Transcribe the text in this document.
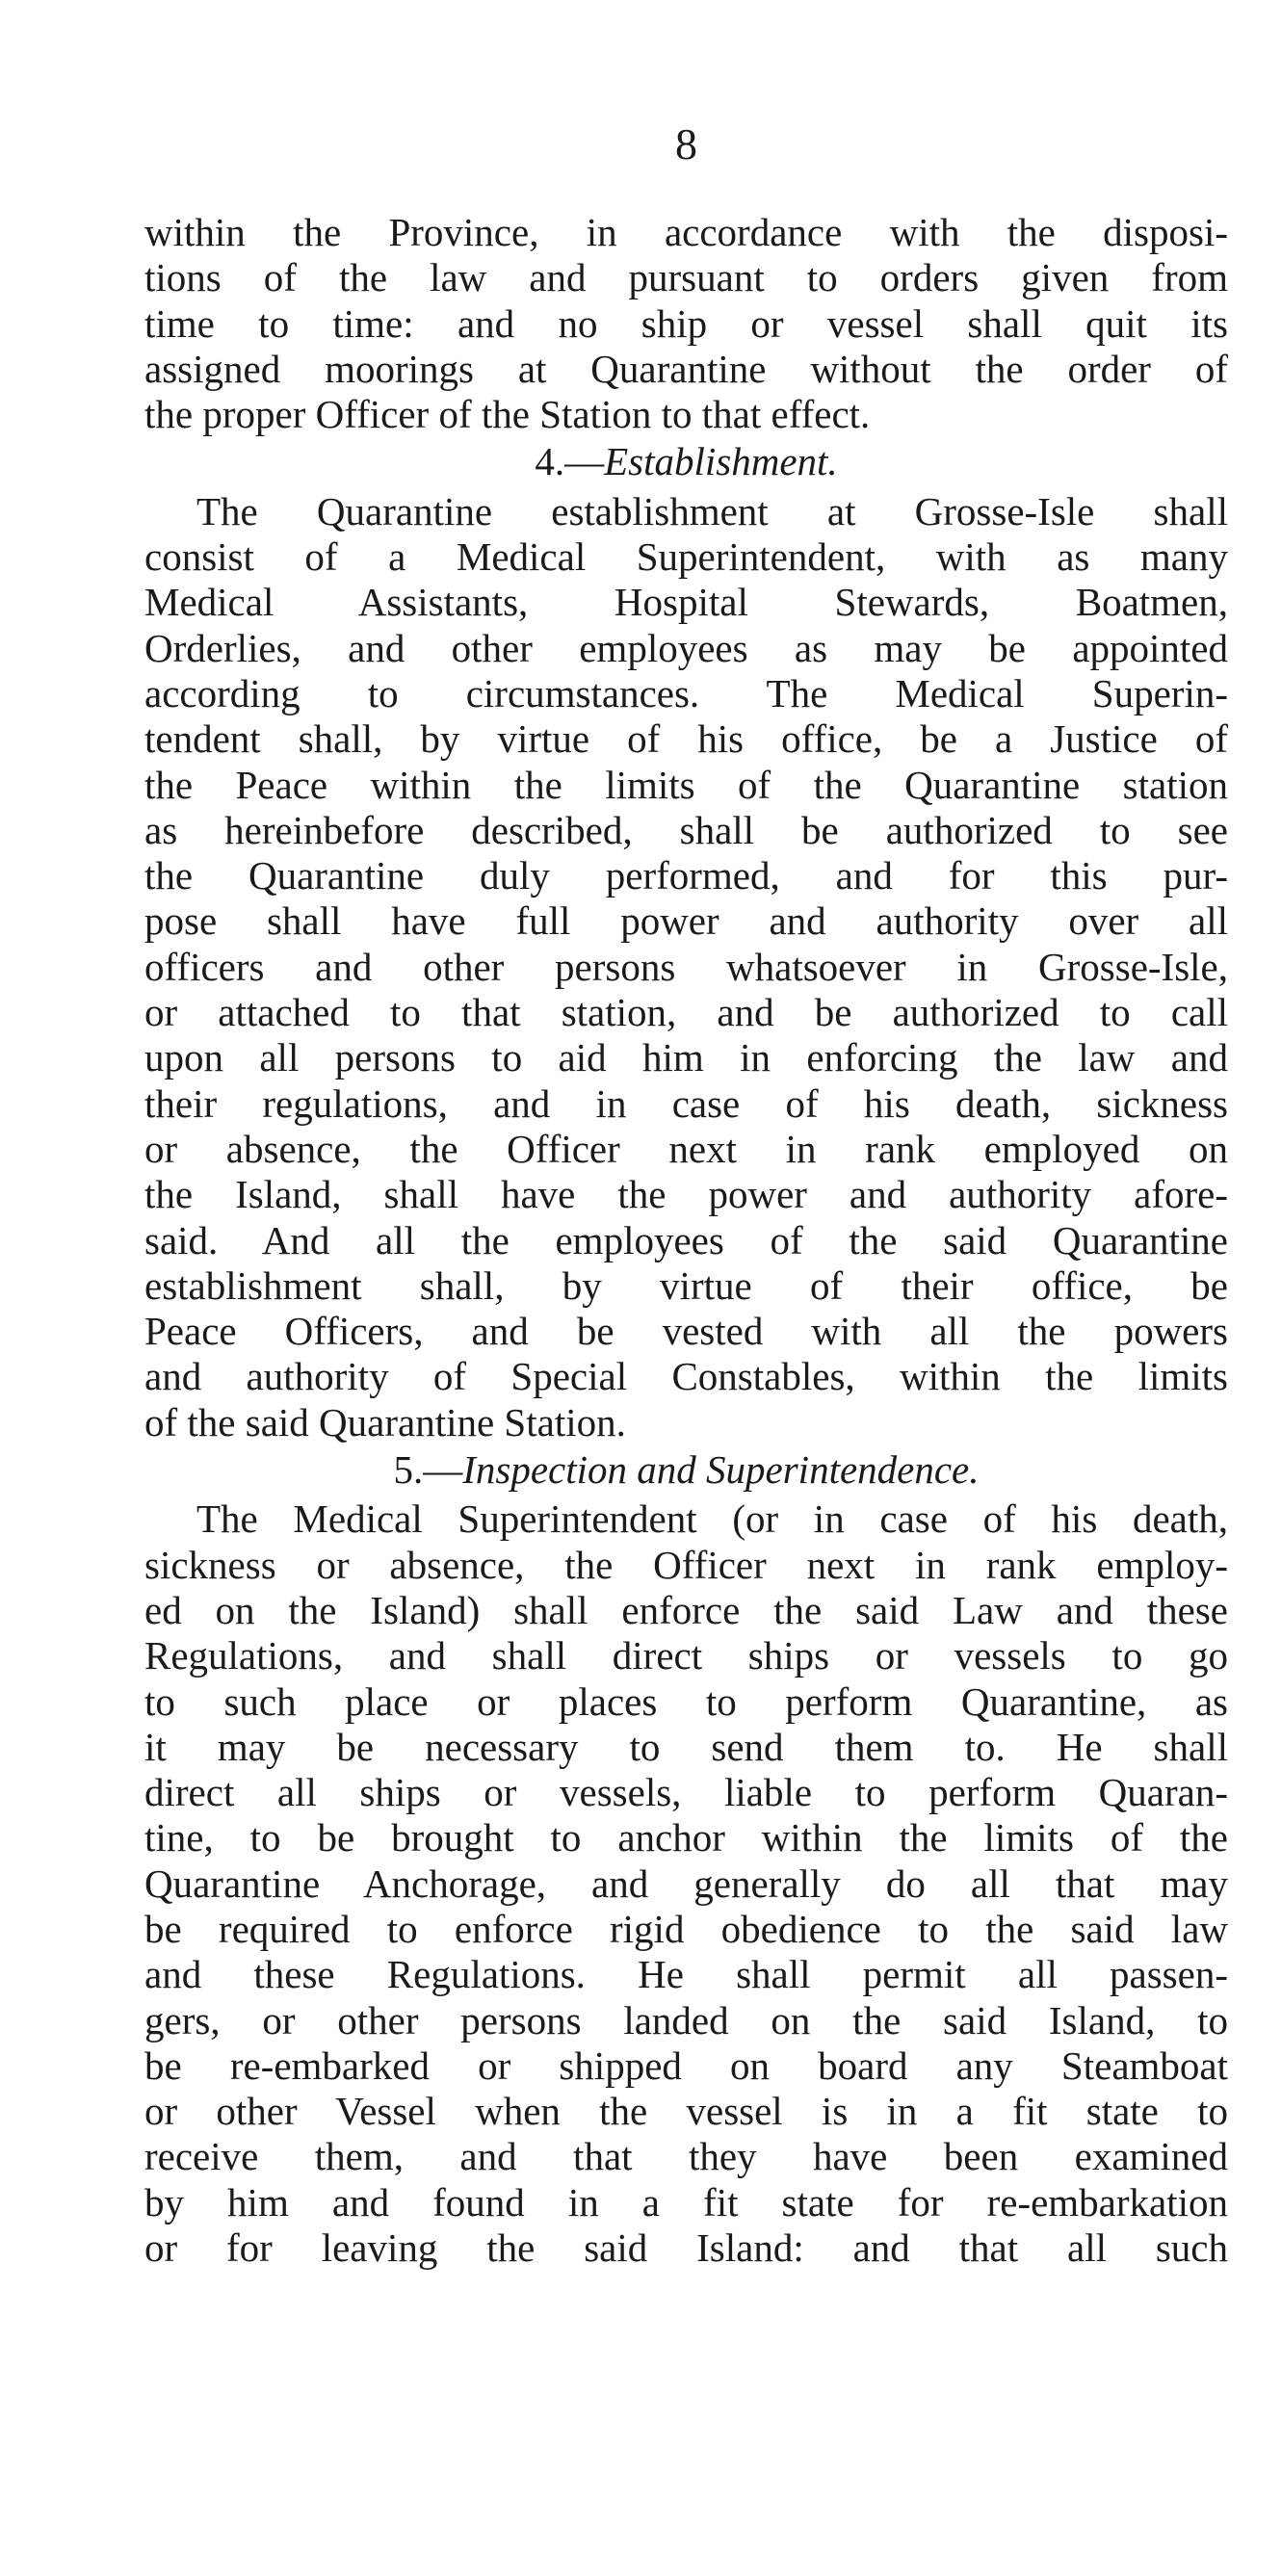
8
within the Province, in accordance with the disposi-
tions of the law and pursuant to orders given from
time to time: and no ship or vessel shall quit its
assigned moorings at Quarantine without the order of
the proper Officer of the Station to that effect.
4.—Establishment.
The Quarantine establishment at Grosse-Isle shall
consist of a Medical Superintendent, with as many
Medical Assistants, Hospital Stewards, Boatmen,
Orderlies, and other employees as may be appointed
according to circumstances. The Medical Superin-
tendent shall, by virtue of his office, be a Justice of
the Peace within the limits of the Quarantine station
as hereinbefore described, shall be authorized to see
the Quarantine duly performed, and for this pur-
pose shall have full power and authority over all
officers and other persons whatsoever in Grosse-Isle,
or attached to that station, and be authorized to call
upon all persons to aid him in enforcing the law and
their regulations, and in case of his death, sickness
or absence, the Officer next in rank employed on
the Island, shall have the power and authority afore-
said. And all the employees of the said Quarantine
establishment shall, by virtue of their office, be
Peace Officers, and be vested with all the powers
and authority of Special Constables, within the limits
of the said Quarantine Station.
5.—Inspection and Superintendence.
The Medical Superintendent (or in case of his death,
sickness or absence, the Officer next in rank employ-
ed on the Island) shall enforce the said Law and these
Regulations, and shall direct ships or vessels to go
to such place or places to perform Quarantine, as
it may be necessary to send them to. He shall
direct all ships or vessels, liable to perform Quaran-
tine, to be brought to anchor within the limits of the
Quarantine Anchorage, and generally do all that may
be required to enforce rigid obedience to the said law
and these Regulations. He shall permit all passen-
gers, or other persons landed on the said Island, to
be re-embarked or shipped on board any Steamboat
or other Vessel when the vessel is in a fit state to
receive them, and that they have been examined
by him and found in a fit state for re-embarkation
or for leaving the said Island: and that all such
